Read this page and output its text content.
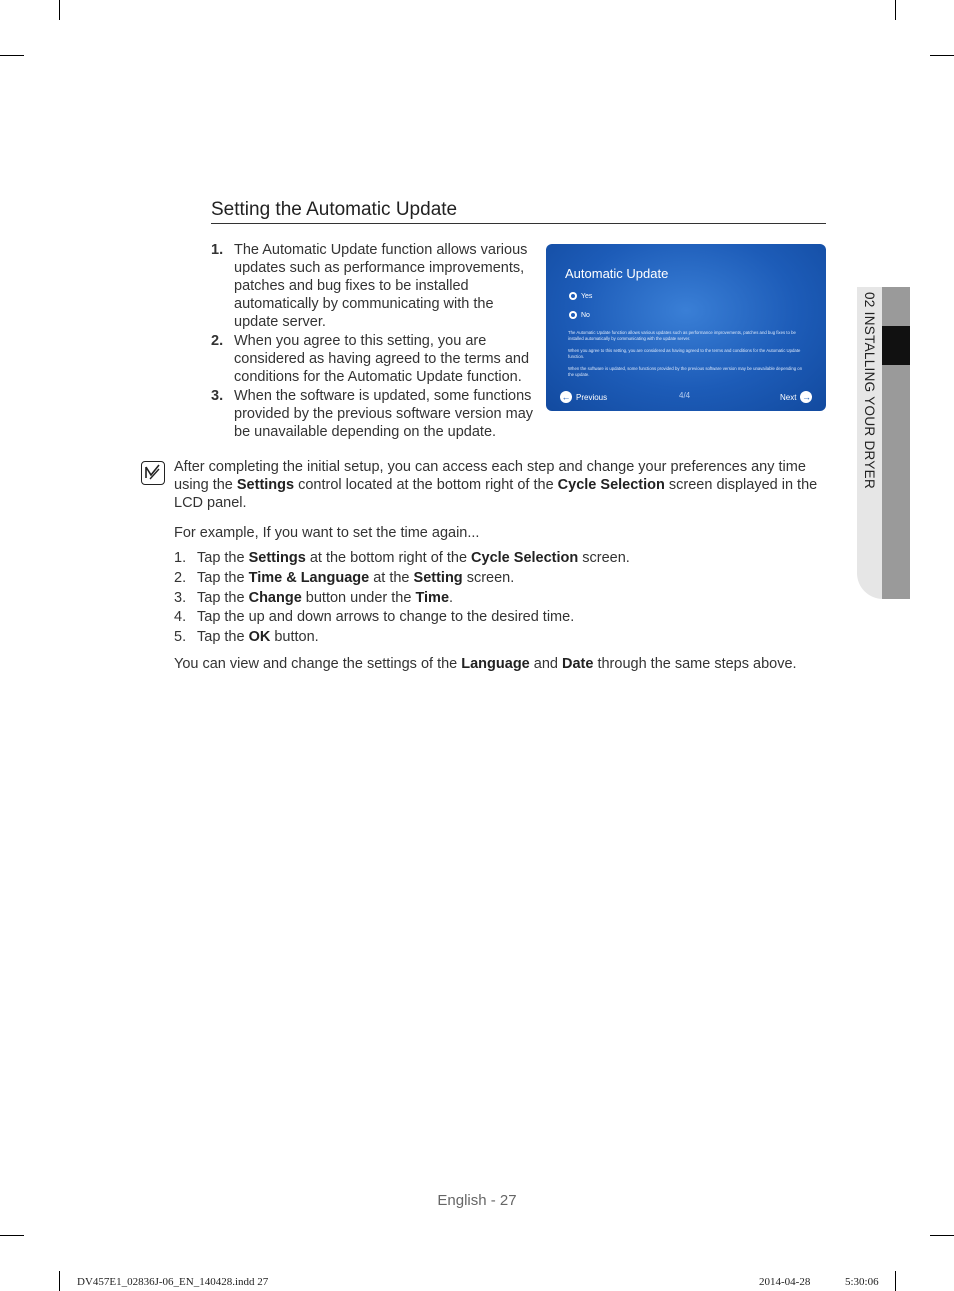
Setting the Automatic Update
1. The Automatic Update function allows various updates such as performance improvements, patches and bug fixes to be installed automatically by communicating with the update server.
2. When you agree to this setting, you are considered as having agreed to the terms and conditions for the Automatic Update function.
3. When the software is updated, some functions provided by the previous software version may be unavailable depending on the update.
Automatic Update
Yes
No
The Automatic Update function allows various updates such as performance improvements, patches and bug fixes to be installed automatically by communicating with the update server.
When you agree to this setting, you are considered as having agreed to the terms and conditions for the Automatic Update function.
When the software is updated, some functions provided by the previous software version may be unavailable depending on the update.
← Previous	4/4	Next →
After completing the initial setup, you can access each step and change your preferences any time using the Settings control located at the bottom right of the Cycle Selection screen displayed in the LCD panel.
For example, If you want to set the time again...
1. Tap the Settings at the bottom right of the Cycle Selection screen.
2. Tap the Time & Language at the Setting screen.
3. Tap the Change button under the Time.
4. Tap the up and down arrows to change to the desired time.
5. Tap the OK button.
You can view and change the settings of the Language and Date through the same steps above.
02 INSTALLING YOUR DRYER
English - 27
DV457E1_02836J-06_EN_140428.indd 27	2014-04-28	5:30:06
